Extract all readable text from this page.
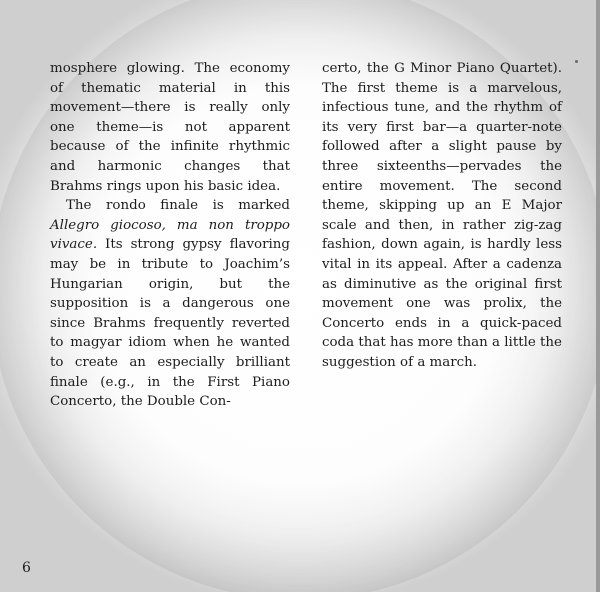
mosphere glowing. The economy of thematic material in this movement—there is really only one theme—is not apparent because of the infinite rhythmic and harmonic changes that Brahms rings upon his basic idea.

The rondo finale is marked Allegro giocoso, ma non troppo vivace. Its strong gypsy flavoring may be in tribute to Joachim’s Hungarian origin, but the supposition is a dangerous one since Brahms frequently reverted to magyar idiom when he wanted to create an especially brilliant finale (e.g., in the First Piano Concerto, the Double Con-

certo, the G Minor Piano Quartet). The first theme is a marvelous, infectious tune, and the rhythm of its very first bar—a quarter-note followed after a slight pause by three sixteenths—pervades the entire movement. The second theme, skipping up an E Major scale and then, in rather zig-zag fashion, down again, is hardly less vital in its appeal. After a cadenza as diminutive as the original first movement one was prolix, the Concerto ends in a quick-paced coda that has more than a little the suggestion of a march.

6
